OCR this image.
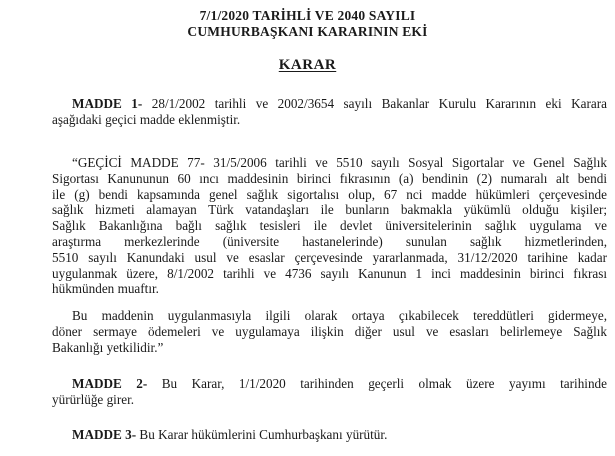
7/1/2020 TARİHLİ VE 2040 SAYILI
CUMHURBAŞKANI KARARININ EKİ
KARAR
MADDE 1- 28/1/2002 tarihli ve 2002/3654 sayılı Bakanlar Kurulu Kararının eki Karara
aşağıdaki geçici madde eklenmiştir.
“GEÇİCİ MADDE 77- 31/5/2006 tarihli ve 5510 sayılı Sosyal Sigortalar ve Genel Sağlık
Sigortası Kanununun 60 ıncı maddesinin birinci fıkrasının (a) bendinin (2) numaralı alt bendi
ile (g) bendi kapsamında genel sağlık sigortalısı olup, 67 nci madde hükümleri çerçevesinde
sağlık hizmeti alamayan Türk vatandaşları ile bunların bakmakla yükümlü olduğu kişiler;
Sağlık Bakanlığına bağlı sağlık tesisleri ile devlet üniversitelerinin sağlık uygulama ve
araştırma merkezlerinde (üniversite hastanelerinde) sunulan sağlık hizmetlerinden,
5510 sayılı Kanundaki usul ve esaslar çerçevesinde yararlanmada, 31/12/2020 tarihine kadar
uygulanmak üzere, 8/1/2002 tarihli ve 4736 sayılı Kanunun 1 inci maddesinin birinci fıkrası
hükmünden muaftır.
Bu maddenin uygulanmasıyla ilgili olarak ortaya çıkabilecek tereddütleri gidermeye,
döner sermaye ödemeleri ve uygulamaya ilişkin diğer usul ve esasları belirlemeye Sağlık
Bakanlığı yetkilidir.”
MADDE 2- Bu Karar, 1/1/2020 tarihinden geçerli olmak üzere yayımı tarihinde
yürürlüğe girer.
MADDE 3- Bu Karar hükümlerini Cumhurbaşkanı yürütür.
